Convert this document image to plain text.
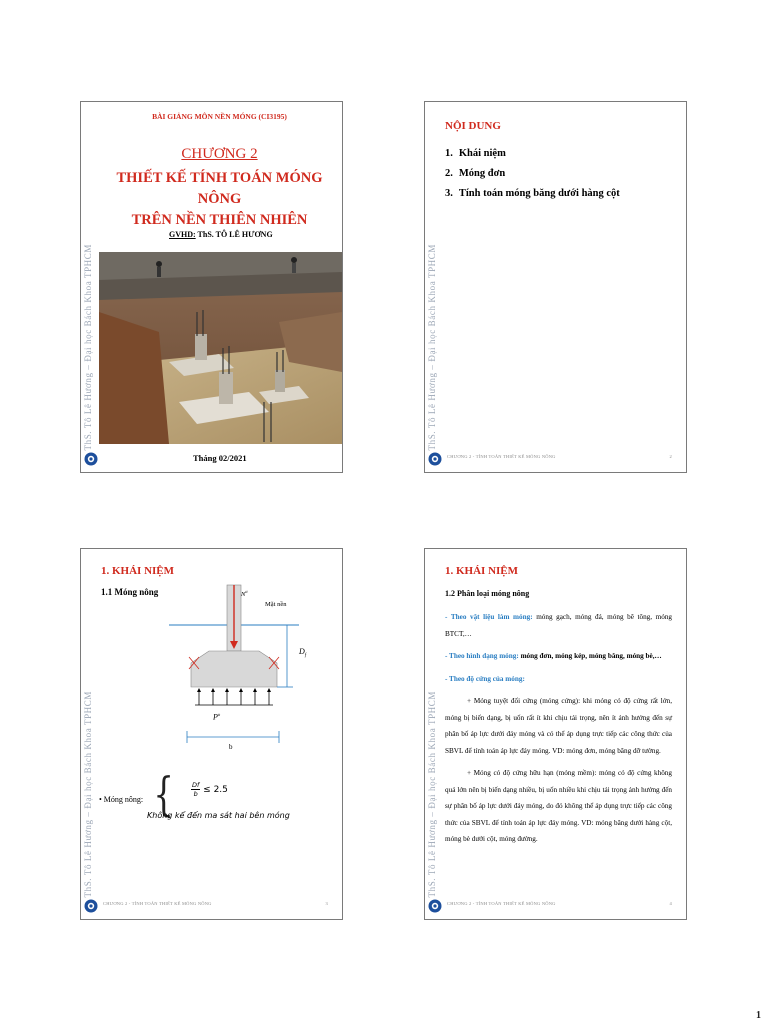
BÀI GIẢNG MÔN NỀN MÓNG (CI3195)
CHƯƠNG 2
THIẾT KẾ TÍNH TOÁN MÓNG NÔNG
TRÊN NỀN THIÊN NHIÊN
GVHD: ThS. TÔ LÊ HƯƠNG
Tháng 02/2021
ThS. Tô Lê Hương – Đại học Bách Khoa TPHCM
NỘI DUNG
1. Khái niệm
2. Móng đơn
3. Tính toán móng băng dưới hàng cột
ThS. Tô Lê Hương – Đại học Bách Khoa TPHCM
CHƯƠNG 2 - TÍNH TOÁN THIẾT KẾ MÓNG NÔNG	2
1. KHÁI NIỆM
1.1 Móng nông	$N^{tt}$
Mặt nền
$D_f$
$P^{tt}$
b
• Móng nông: {	$\frac{Df}{b} \le 2.5$
Không kể đến ma sát hai bên móng
ThS. Tô Lê Hương – Đại học Bách Khoa TPHCM
CHƯƠNG 2 - TÍNH TOÁN THIẾT KẾ MÓNG NÔNG	3
1. KHÁI NIỆM
1.2 Phân loại móng nông

- Theo vật liệu làm móng: móng gạch, móng đá, móng bê tông, móng BTCT,…

- Theo hình dạng móng: móng đơn, móng kép, móng băng, móng bè,…

- Theo độ cứng của móng:

+ Móng tuyệt đối cứng (móng cứng): khi móng có độ cứng rất lớn, móng bị biến dạng, bị uốn rất ít khi chịu tải trọng, nên ít ảnh hưởng đến sự phân bố áp lực dưới đáy móng và có thể áp dụng trực tiếp các công thức của SBVL để tính toán áp lực đáy móng. VD: móng đơn, móng băng dỡ tường.

+ Móng có độ cứng hữu hạn (móng mềm): móng có độ cứng không quá lớn nên bị biến dạng nhiều, bị uốn nhiều khi chịu tải trọng ảnh hưởng đến sự phân bố áp lực dưới đáy móng, do đó không thể áp dụng trực tiếp các công thức của SBVL để tính toán áp lực đáy móng. VD: móng băng dưới hàng cột, móng bè dưới cột, móng đường.

ThS. Tô Lê Hương – Đại học Bách Khoa TPHCM
CHƯƠNG 2 - TÍNH TOÁN THIẾT KẾ MÓNG NÔNG	4
1
